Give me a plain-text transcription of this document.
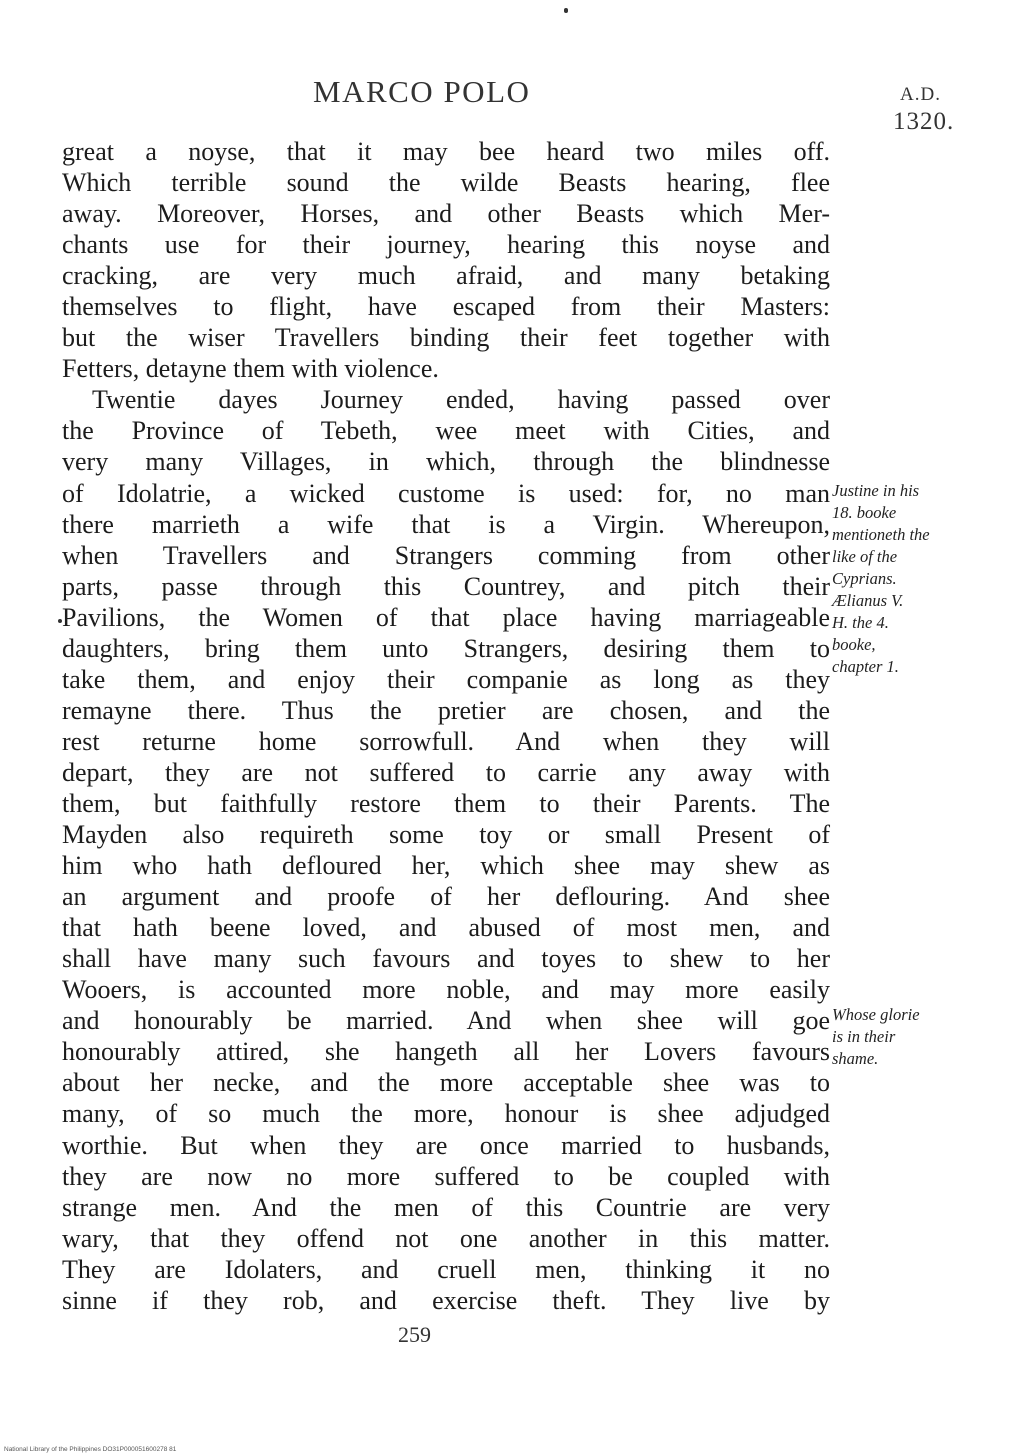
MARCO POLO	A.D.
1320.
great a noyse, that it may bee heard two miles off.
Which terrible sound the wilde Beasts hearing, flee
away. Moreover, Horses, and other Beasts which Mer-
chants use for their journey, hearing this noyse and
cracking, are very much afraid, and many betaking
themselves to flight, have escaped from their Masters:
but the wiser Travellers binding their feet together with
Fetters, detayne them with violence.
Twentie dayes Journey ended, having passed over
the Province of Tebeth, wee meet with Cities, and
very many Villages, in which, through the blindnesse
of Idolatrie, a wicked custome is used: for, no man
there marrieth a wife that is a Virgin. Whereupon,
when Travellers and Strangers comming from other
parts, passe through this Countrey, and pitch their
Pavilions, the Women of that place having marriageable
daughters, bring them unto Strangers, desiring them to
take them, and enjoy their companie as long as they
remayne there. Thus the pretier are chosen, and the
rest returne home sorrowfull. And when they will
depart, they are not suffered to carrie any away with
them, but faithfully restore them to their Parents. The
Mayden also requireth some toy or small Present of
him who hath defloured her, which shee may shew as
an argument and proofe of her deflouring. And shee
that hath beene loved, and abused of most men, and
shall have many such favours and toyes to shew to her
Wooers, is accounted more noble, and may more easily
and honourably be married. And when shee will goe
honourably attired, she hangeth all her Lovers favours
about her necke, and the more acceptable shee was to
many, of so much the more, honour is shee adjudged
worthie. But when they are once married to husbands,
they are now no more suffered to be coupled with
strange men. And the men of this Countrie are very
wary, that they offend not one another in this matter.
They are Idolaters, and cruell men, thinking it no
sinne if they rob, and exercise theft. They live by
Justine in his
18. booke
mentioneth the
like of the
Cyprians.
Ælianus V.
H. the 4.
booke,
chapter 1.
Whose glorie
is in their
shame.
259
National Library of the Philippines DO31P000051600278 81
